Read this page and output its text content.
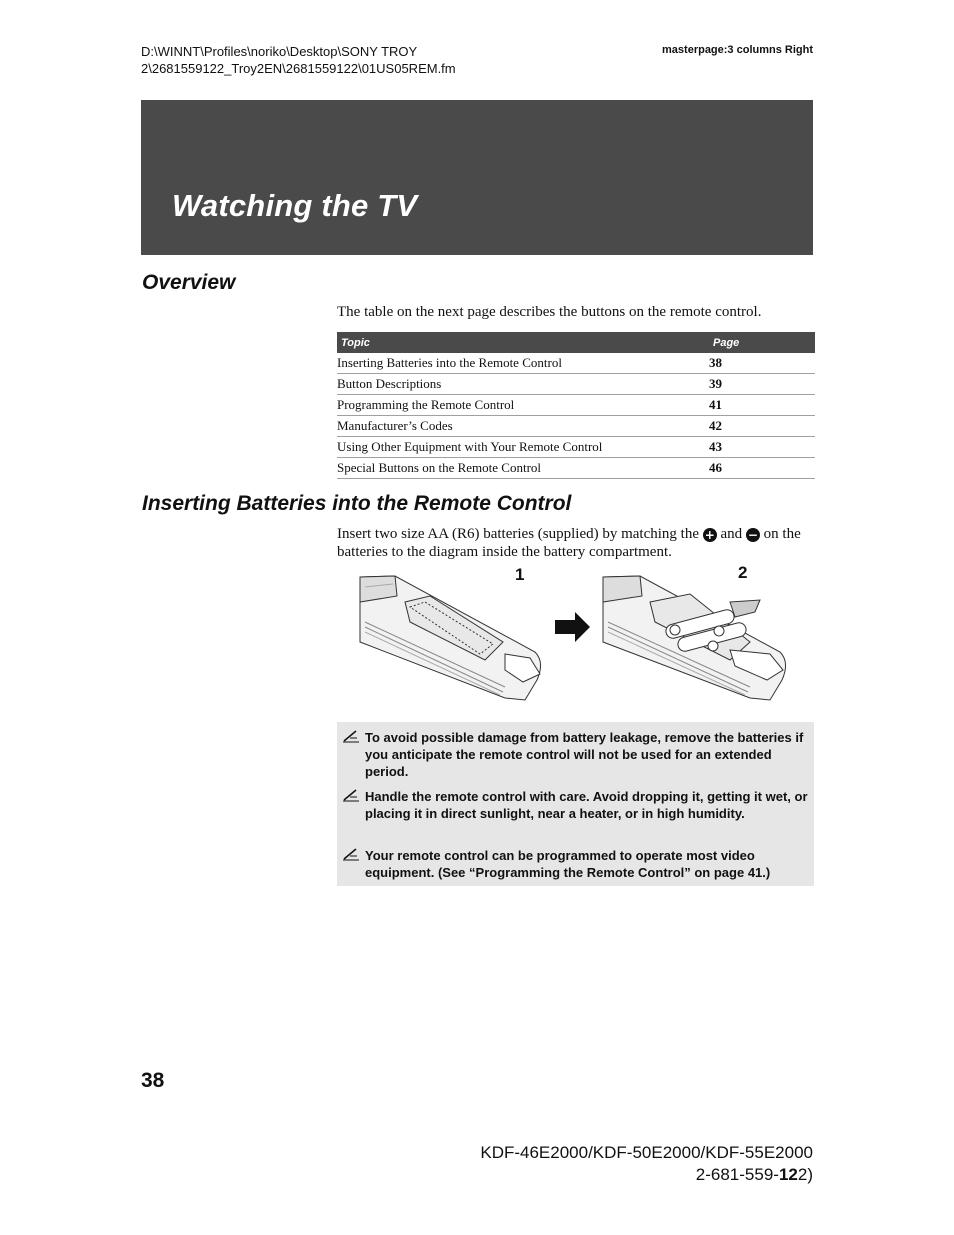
D:\WINNT\Profiles\noriko\Desktop\SONY TROY
2\2681559122_Troy2EN\2681559122\01US05REM.fm
masterpage:3 columns Right
Watching the TV
Overview
The table on the next page describes the buttons on the remote control.
Topic	Page
Inserting Batteries into the Remote Control	38
Button Descriptions	39
Programming the Remote Control	41
Manufacturer’s Codes	42
Using Other Equipment with Your Remote Control	43
Special Buttons on the Remote Control	46
Inserting Batteries into the Remote Control
Insert two size AA (R6) batteries (supplied) by matching the + and − on the batteries to the diagram inside the battery compartment.
1	2
To avoid possible damage from battery leakage, remove the batteries if you anticipate the remote control will not be used for an extended period.
Handle the remote control with care. Avoid dropping it, getting it wet, or placing it in direct sunlight, near a heater, or in high humidity.
Your remote control can be programmed to operate most video equipment. (See “Programming the Remote Control” on page 41.)
38
KDF-46E2000/KDF-50E2000/KDF-55E2000
2-681-559-122)
